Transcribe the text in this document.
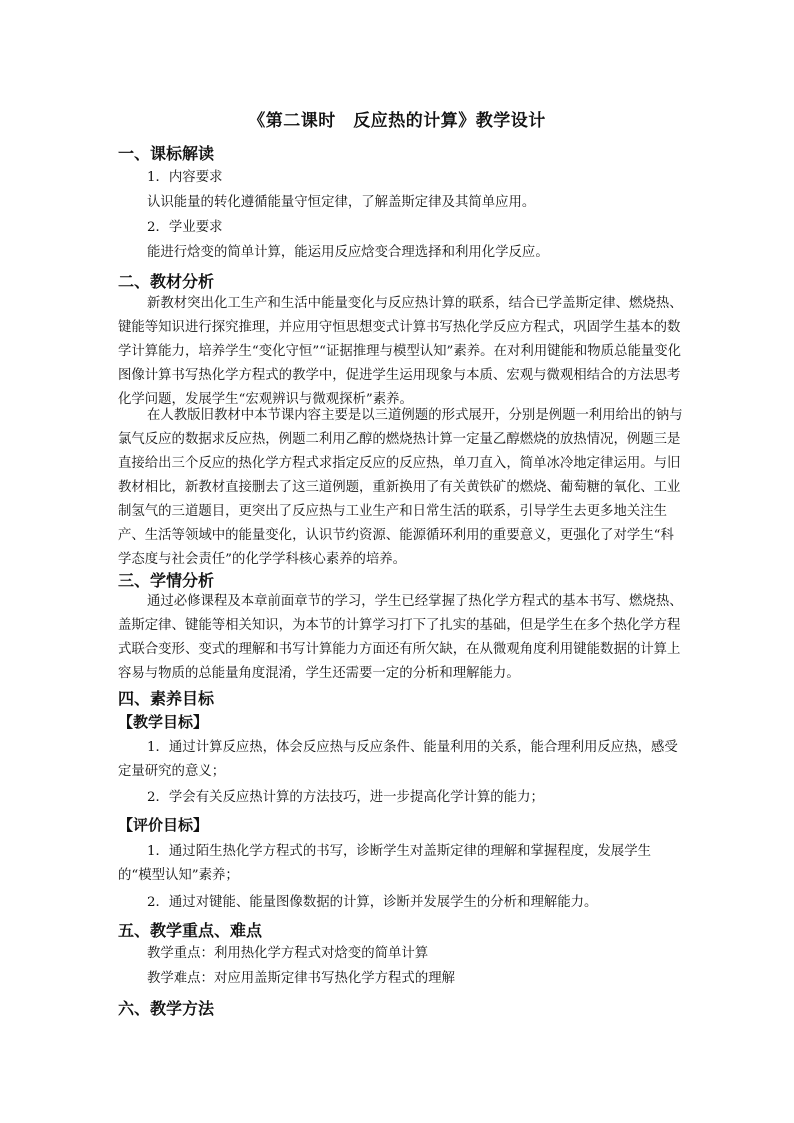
《第二课时　反应热的计算》教学设计
一、课标解读
1．内容要求
认识能量的转化遵循能量守恒定律，了解盖斯定律及其简单应用。
2．学业要求
能进行焓变的简单计算，能运用反应焓变合理选择和利用化学反应。
二、教材分析
新教材突出化工生产和生活中能量变化与反应热计算的联系，结合已学盖斯定律、燃烧热、键能等知识进行探究推理，并应用守恒思想变式计算书写热化学反应方程式，巩固学生基本的数学计算能力，培养学生“变化守恒”“证据推理与模型认知”素养。在对利用键能和物质总能量变化图像计算书写热化学方程式的教学中，促进学生运用现象与本质、宏观与微观相结合的方法思考化学问题，发展学生“宏观辨识与微观探析”素养。
在人教版旧教材中本节课内容主要是以三道例题的形式展开，分别是例题一利用给出的钠与氯气反应的数据求反应热，例题二利用乙醇的燃烧热计算一定量乙醇燃烧的放热情况，例题三是直接给出三个反应的热化学方程式求指定反应的反应热，单刀直入，简单冰冷地定律运用。与旧教材相比，新教材直接删去了这三道例题，重新换用了有关黄铁矿的燃烧、葡萄糖的氧化、工业制氢气的三道题目，更突出了反应热与工业生产和日常生活的联系，引导学生去更多地关注生产、生活等领域中的能量变化，认识节约资源、能源循环利用的重要意义，更强化了对学生“科学态度与社会责任”的化学学科核心素养的培养。
三、学情分析
通过必修课程及本章前面章节的学习，学生已经掌握了热化学方程式的基本书写、燃烧热、盖斯定律、键能等相关知识，为本节的计算学习打下了扎实的基础，但是学生在多个热化学方程式联合变形、变式的理解和书写计算能力方面还有所欠缺，在从微观角度利用键能数据的计算上容易与物质的总能量角度混淆，学生还需要一定的分析和理解能力。
四、素养目标
【教学目标】
1．通过计算反应热，体会反应热与反应条件、能量利用的关系，能合理利用反应热，感受定量研究的意义；
2．学会有关反应热计算的方法技巧，进一步提高化学计算的能力；
【评价目标】
1．通过陌生热化学方程式的书写，诊断学生对盖斯定律的理解和掌握程度，发展学生的“模型认知”素养；
2．通过对键能、能量图像数据的计算，诊断并发展学生的分析和理解能力。
五、教学重点、难点
教学重点：利用热化学方程式对焓变的简单计算
教学难点：对应用盖斯定律书写热化学方程式的理解
六、教学方法
